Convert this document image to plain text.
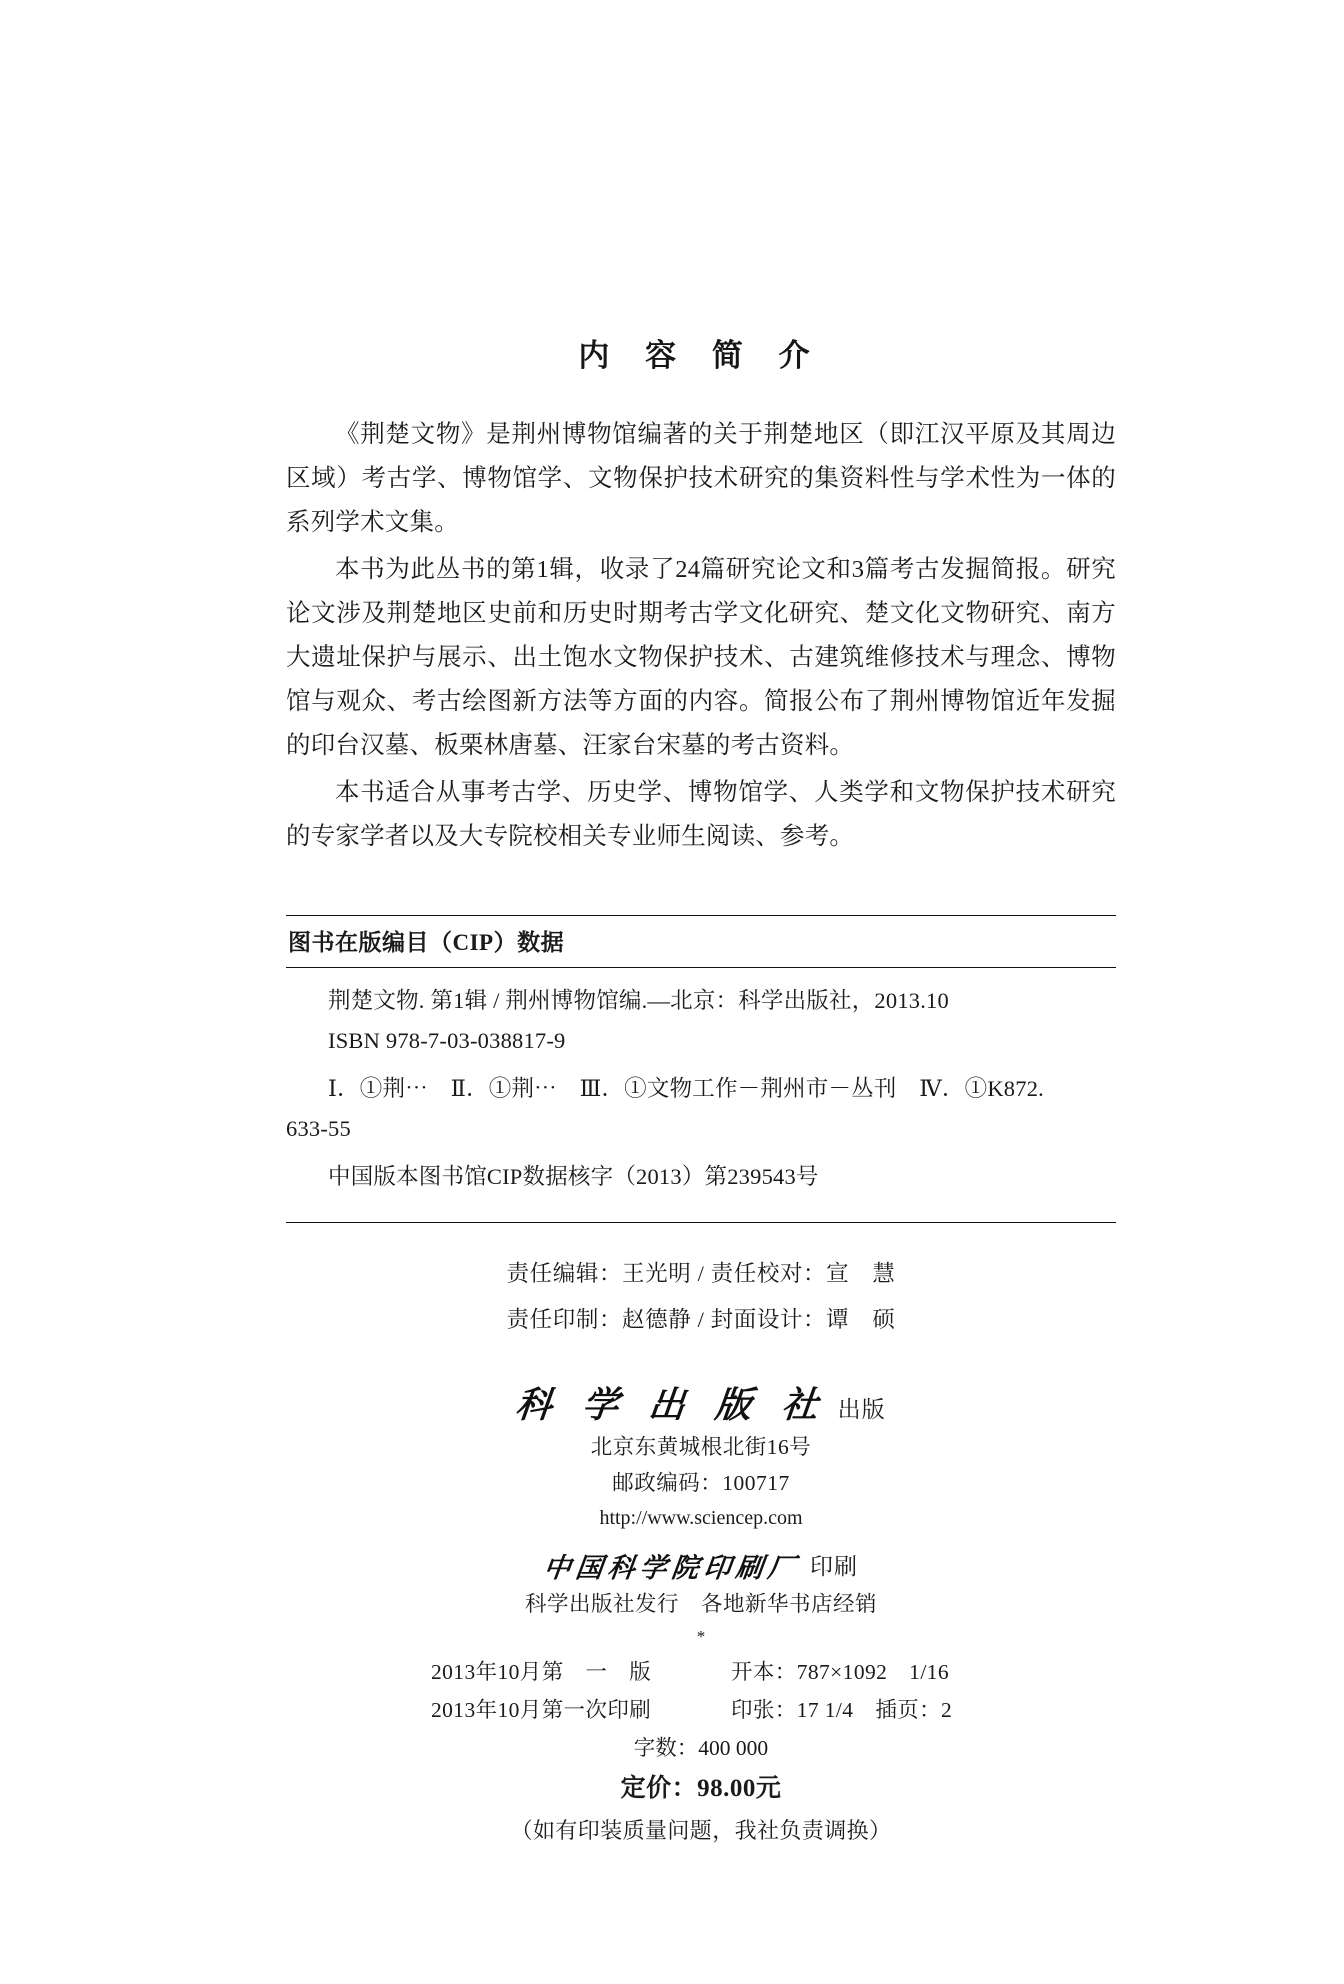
内 容 简 介

《荆楚文物》是荆州博物馆编著的关于荆楚地区（即江汉平原及其周边区域）考古学、博物馆学、文物保护技术研究的集资料性与学术性为一体的系列学术文集。

本书为此丛书的第1辑，收录了24篇研究论文和3篇考古发掘简报。研究论文涉及荆楚地区史前和历史时期考古学文化研究、楚文化文物研究、南方大遗址保护与展示、出土饱水文物保护技术、古建筑维修技术与理念、博物馆与观众、考古绘图新方法等方面的内容。简报公布了荆州博物馆近年发掘的印台汉墓、板栗林唐墓、汪家台宋墓的考古资料。

本书适合从事考古学、历史学、博物馆学、人类学和文物保护技术研究的专家学者以及大专院校相关专业师生阅读、参考。

图书在版编目（CIP）数据

荆楚文物. 第1辑 / 荆州博物馆编.—北京：科学出版社，2013.10

ISBN 978-7-03-038817-9

Ⅰ．①荆⋯　Ⅱ．①荆⋯　Ⅲ．①文物工作－荆州市－丛刊　Ⅳ．①K872.

633-55

中国版本图书馆CIP数据核字（2013）第239543号

责任编辑：王光明 / 责任校对：宣　慧

责任印制：赵德静 / 封面设计：谭　硕

科 学 出 版 社 出版
北京东黄城根北街16号
邮政编码：100717
http://www.sciencep.com
中国科学院印刷厂 印刷
科学出版社发行　各地新华书店经销
*
2013年10月第　一　版	开本：787×1092　1/16
2013年10月第一次印刷	印张：17 1/4　插页：2
字数：400 000
定价：98.00元
（如有印装质量问题，我社负责调换）
